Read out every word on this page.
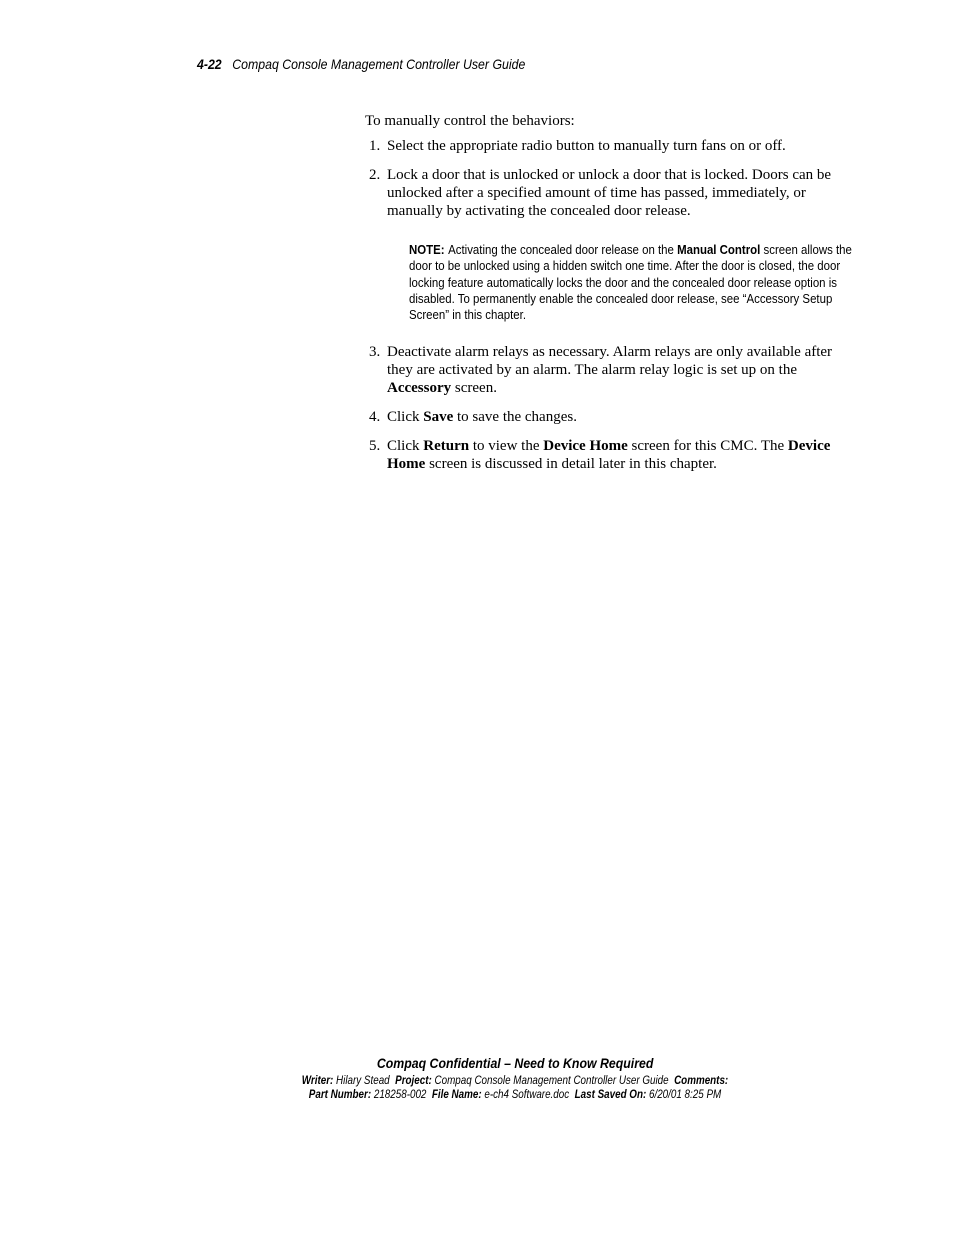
4-22 Compaq Console Management Controller User Guide

To manually control the behaviors:

1. Select the appropriate radio button to manually turn fans on or off.
2. Lock a door that is unlocked or unlock a door that is locked. Doors can be unlocked after a specified amount of time has passed, immediately, or manually by activating the concealed door release.
NOTE: Activating the concealed door release on the Manual Control screen allows the door to be unlocked using a hidden switch one time. After the door is closed, the door locking feature automatically locks the door and the concealed door release option is disabled. To permanently enable the concealed door release, see “Accessory Setup Screen” in this chapter.
3. Deactivate alarm relays as necessary. Alarm relays are only available after they are activated by an alarm. The alarm relay logic is set up on the Accessory screen.
4. Click Save to save the changes.
5. Click Return to view the Device Home screen for this CMC. The Device Home screen is discussed in detail later in this chapter.
Compaq Confidential – Need to Know Required
Writer: Hilary Stead Project: Compaq Console Management Controller User Guide Comments:
Part Number: 218258-002 File Name: e-ch4 Software.doc Last Saved On: 6/20/01 8:25 PM
